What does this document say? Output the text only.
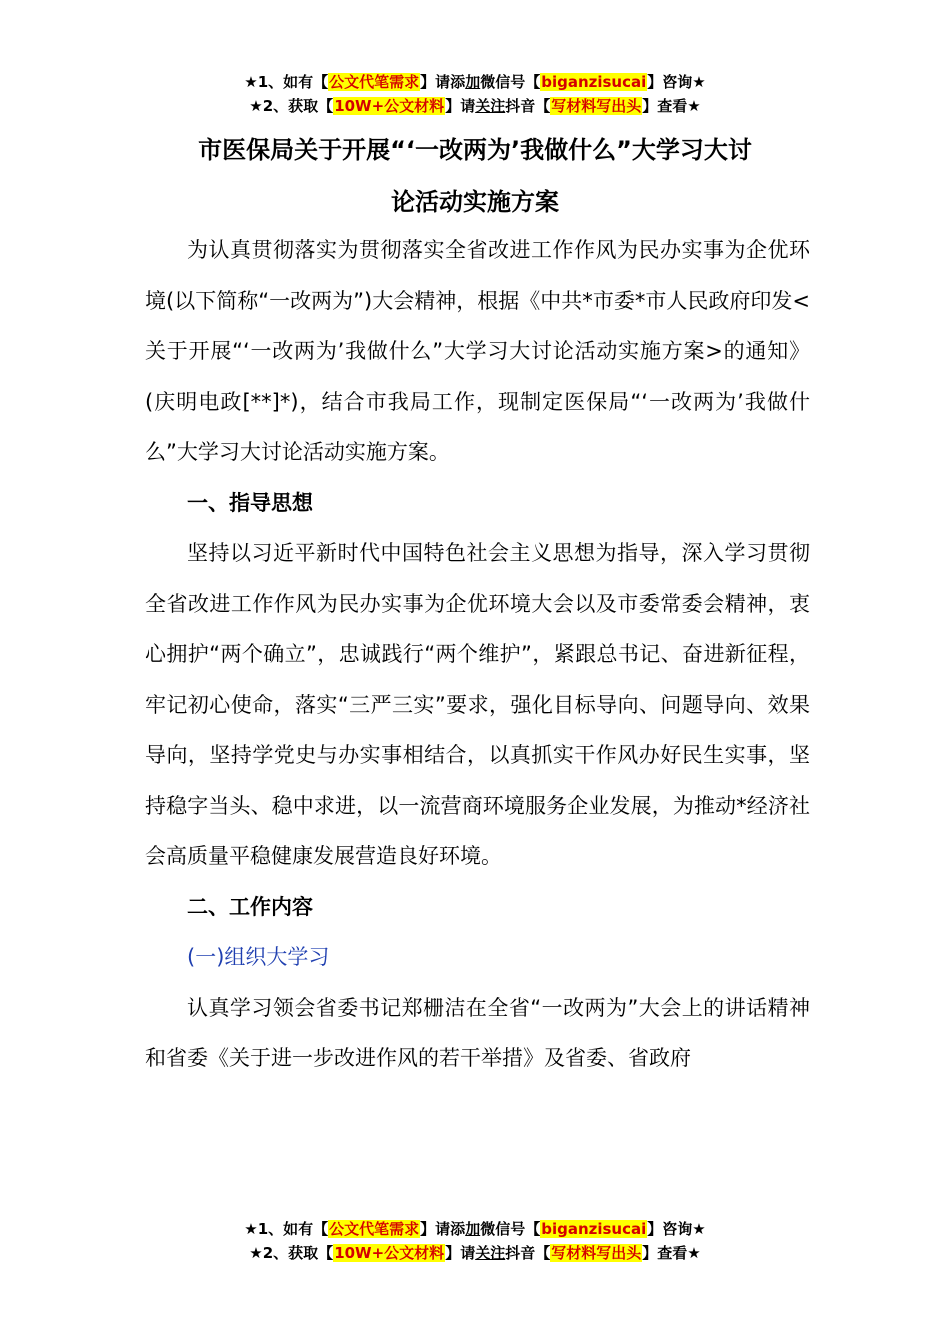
★1、如有【公文代笔需求】请添加微信号【biganzisucai】咨询★
★2、获取【10W+公文材料】请关注抖音【写材料写出头】查看★
市医保局关于开展“‘一改两为’我做什么”大学习大讨
论活动实施方案

为认真贯彻落实为贯彻落实全省改进工作作风为民办实事为企优环境(以下简称“一改两为”)大会精神，根据《中共*市委*市人民政府印发<关于开展“‘一改两为’我做什么”大学习大讨论活动实施方案>的通知》(庆明电政[**]*)，结合市我局工作，现制定医保局“‘一改两为’我做什么”大学习大讨论活动实施方案。

一、指导思想

坚持以习近平新时代中国特色社会主义思想为指导，深入学习贯彻全省改进工作作风为民办实事为企优环境大会以及市委常委会精神，衷心拥护“两个确立”，忠诚践行“两个维护”，紧跟总书记、奋进新征程，牢记初心使命，落实“三严三实”要求，强化目标导向、问题导向、效果导向，坚持学党史与办实事相结合，以真抓实干作风办好民生实事，坚持稳字当头、稳中求进，以一流营商环境服务企业发展，为推动*经济社会高质量平稳健康发展营造良好环境。

二、工作内容

(一)组织大学习

认真学习领会省委书记郑栅洁在全省“一改两为”大会上的讲话精神和省委《关于进一步改进作风的若干举措》及省委、省政府

★1、如有【公文代笔需求】请添加微信号【biganzisucai】咨询★
★2、获取【10W+公文材料】请关注抖音【写材料写出头】查看★
